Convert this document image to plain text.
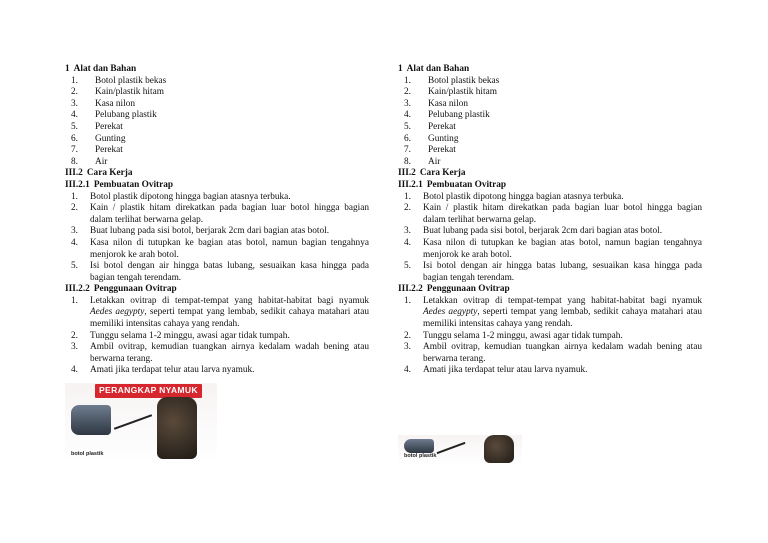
1 Alat dan Bahan

1.	Botol plastik bekas
2.	Kain/plastik hitam
3.	Kasa nilon
4.	Pelubang plastik
5.	Perekat
6.	Gunting
7.	Perekat
8.	Air

III.2 Cara Kerja

III.2.1 Pembuatan Ovitrap

1. Botol plastik dipotong hingga bagian atasnya terbuka.
2. Kain / plastik hitam direkatkan pada bagian luar botol hingga bagian dalam terlihat berwarna gelap.
3. Buat lubang pada sisi botol, berjarak 2cm dari bagian atas botol.
4. Kasa nilon di tutupkan ke bagian atas botol, namun bagian tengahnya menjorok ke arah botol.
5. Isi botol dengan air hingga batas lubang, sesuaikan kasa hingga pada bagian tengah terendam.

III.2.2 Penggunaan Ovitrap

1. Letakkan ovitrap di tempat-tempat yang habitat-habitat bagi nyamuk Aedes aegypty, seperti tempat yang lembab, sedikit cahaya matahari atau memiliki intensitas cahaya yang rendah.
2. Tunggu selama 1-2 minggu, awasi agar tidak tumpah.
3. Ambil ovitrap, kemudian tuangkan airnya kedalam wadah bening atau berwarna terang.
4. Amati jika terdapat telur atau larva nyamuk.
PERANGKAP NYAMUK
botol plastik

1 Alat dan Bahan

1.	Botol plastik bekas
2.	Kain/plastik hitam
3.	Kasa nilon
4.	Pelubang plastik
5.	Perekat
6.	Gunting
7.	Perekat
8.	Air

III.2 Cara Kerja

III.2.1 Pembuatan Ovitrap

1. Botol plastik dipotong hingga bagian atasnya terbuka.
2. Kain / plastik hitam direkatkan pada bagian luar botol hingga bagian dalam terlihat berwarna gelap.
3. Buat lubang pada sisi botol, berjarak 2cm dari bagian atas botol.
4. Kasa nilon di tutupkan ke bagian atas botol, namun bagian tengahnya menjorok ke arah botol.
5. Isi botol dengan air hingga batas lubang, sesuaikan kasa hingga pada bagian tengah terendam.

III.2.2 Penggunaan Ovitrap

1. Letakkan ovitrap di tempat-tempat yang habitat-habitat bagi nyamuk Aedes aegypty, seperti tempat yang lembab, sedikit cahaya matahari atau memiliki intensitas cahaya yang rendah.
2. Tunggu selama 1-2 minggu, awasi agar tidak tumpah.
3. Ambil ovitrap, kemudian tuangkan airnya kedalam wadah bening atau berwarna terang.
4. Amati jika terdapat telur atau larva nyamuk.
botol plastik
